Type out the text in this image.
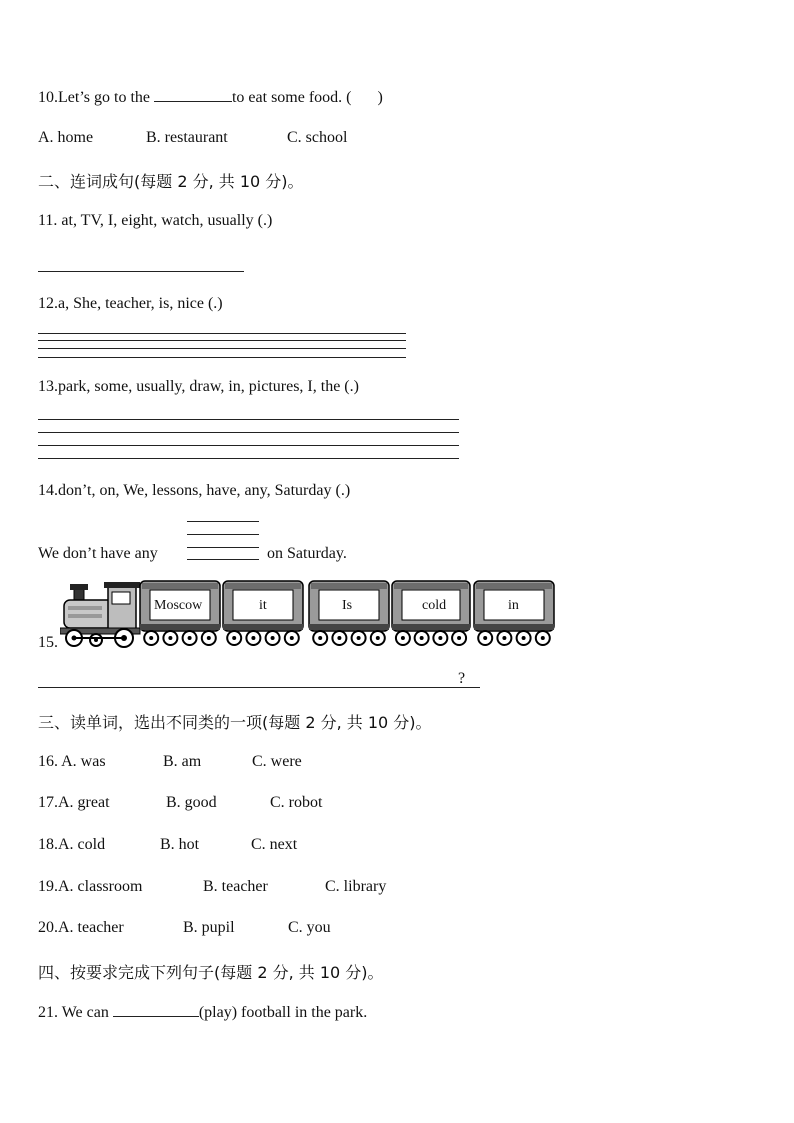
10.Let’s go to the	to eat some food. ( )
A. home	B. restaurant	C. school
二、连词成句(每题 2 分, 共 10 分)。
11. at, TV, I, eight, watch, usually (.)
12.a, She, teacher, is, nice (.)
13.park, some, usually, draw, in, pictures, I, the (.)
14.don’t, on, We, lessons, have, any, Saturday (.)
We don’t have any	on Saturday.
15.
Moscow	it	Is	cold	in
?
三、读单词，选出不同类的一项(每题 2 分, 共 10 分)。
16. A. was	B. am	C. were
17.A. great	B. good	C. robot
18.A. cold	B. hot	C. next
19.A. classroom	B. teacher	C. library
20.A. teacher	B. pupil	C. you
四、按要求完成下列句子(每题 2 分, 共 10 分)。
21. We can	(play) football in the park.
